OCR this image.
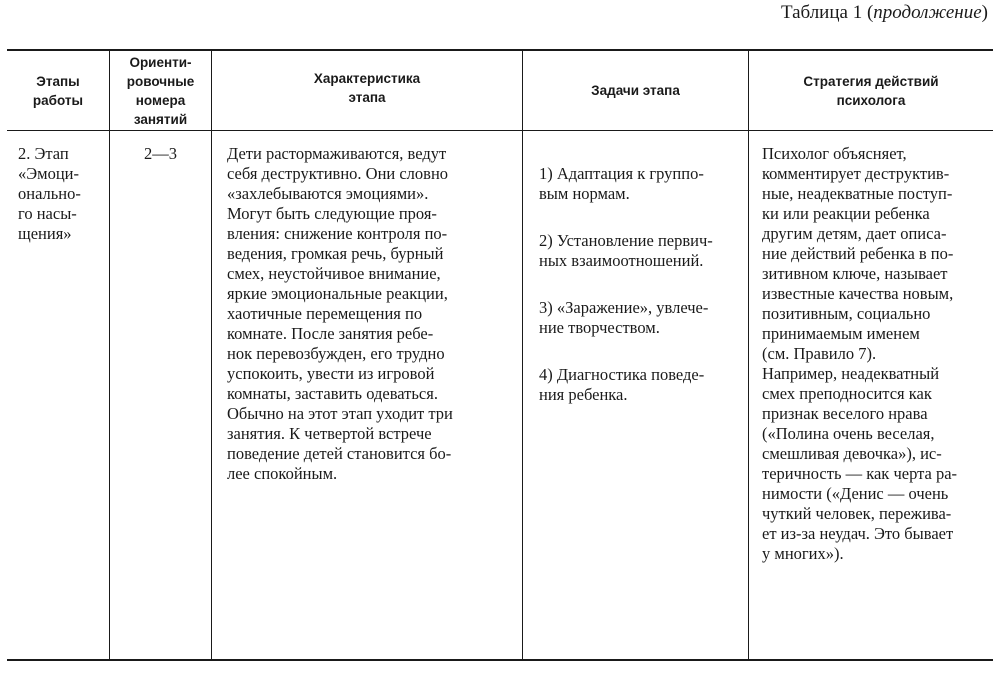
Таблица 1 (продолжение)
Этапы
работы
Ориенти-
ровочные
номера
занятий
Характеристика
этапа	Задачи этапа
Стратегия действий
психолога
2. Этап
«Эмоци-
онально-
го насы-
щения»
2—3	Дети растормаживаются, ведут
себя деструктивно. Они словно
«захлебываются эмоциями».
Могут быть следующие проя-
вления: снижение контроля по-
ведения, громкая речь, бурный
смех, неустойчивое внимание,
яркие эмоциональные реакции,
хаотичные перемещения по
комнате. После занятия ребе-
нок перевозбужден, его трудно
успокоить, увести из игровой
комнаты, заставить одеваться.
Обычно на этот этап уходит три
занятия. К четвертой встрече
поведение детей становится бо-
лее спокойным.

1) Адаптация к группо-
вым нормам.

2) Установление первич-
ных взаимоотношений.

3) «Заражение», увлече-
ние творчеством.

4) Диагностика поведе-
ния ребенка.

Психолог объясняет,
комментирует деструктив-
ные, неадекватные поступ-
ки или реакции ребенка
другим детям, дает описа-
ние действий ребенка в по-
зитивном ключе, называет
известные качества новым,
позитивным, социально
принимаемым именем
(см. Правило 7).
Например, неадекватный
смех преподносится как
признак веселого нрава
(«Полина очень веселая,
смешливая девочка»), ис-
теричность — как черта ра-
нимости («Денис — очень
чуткий человек, пережива-
ет из-за неудач. Это бывает
у многих»).
